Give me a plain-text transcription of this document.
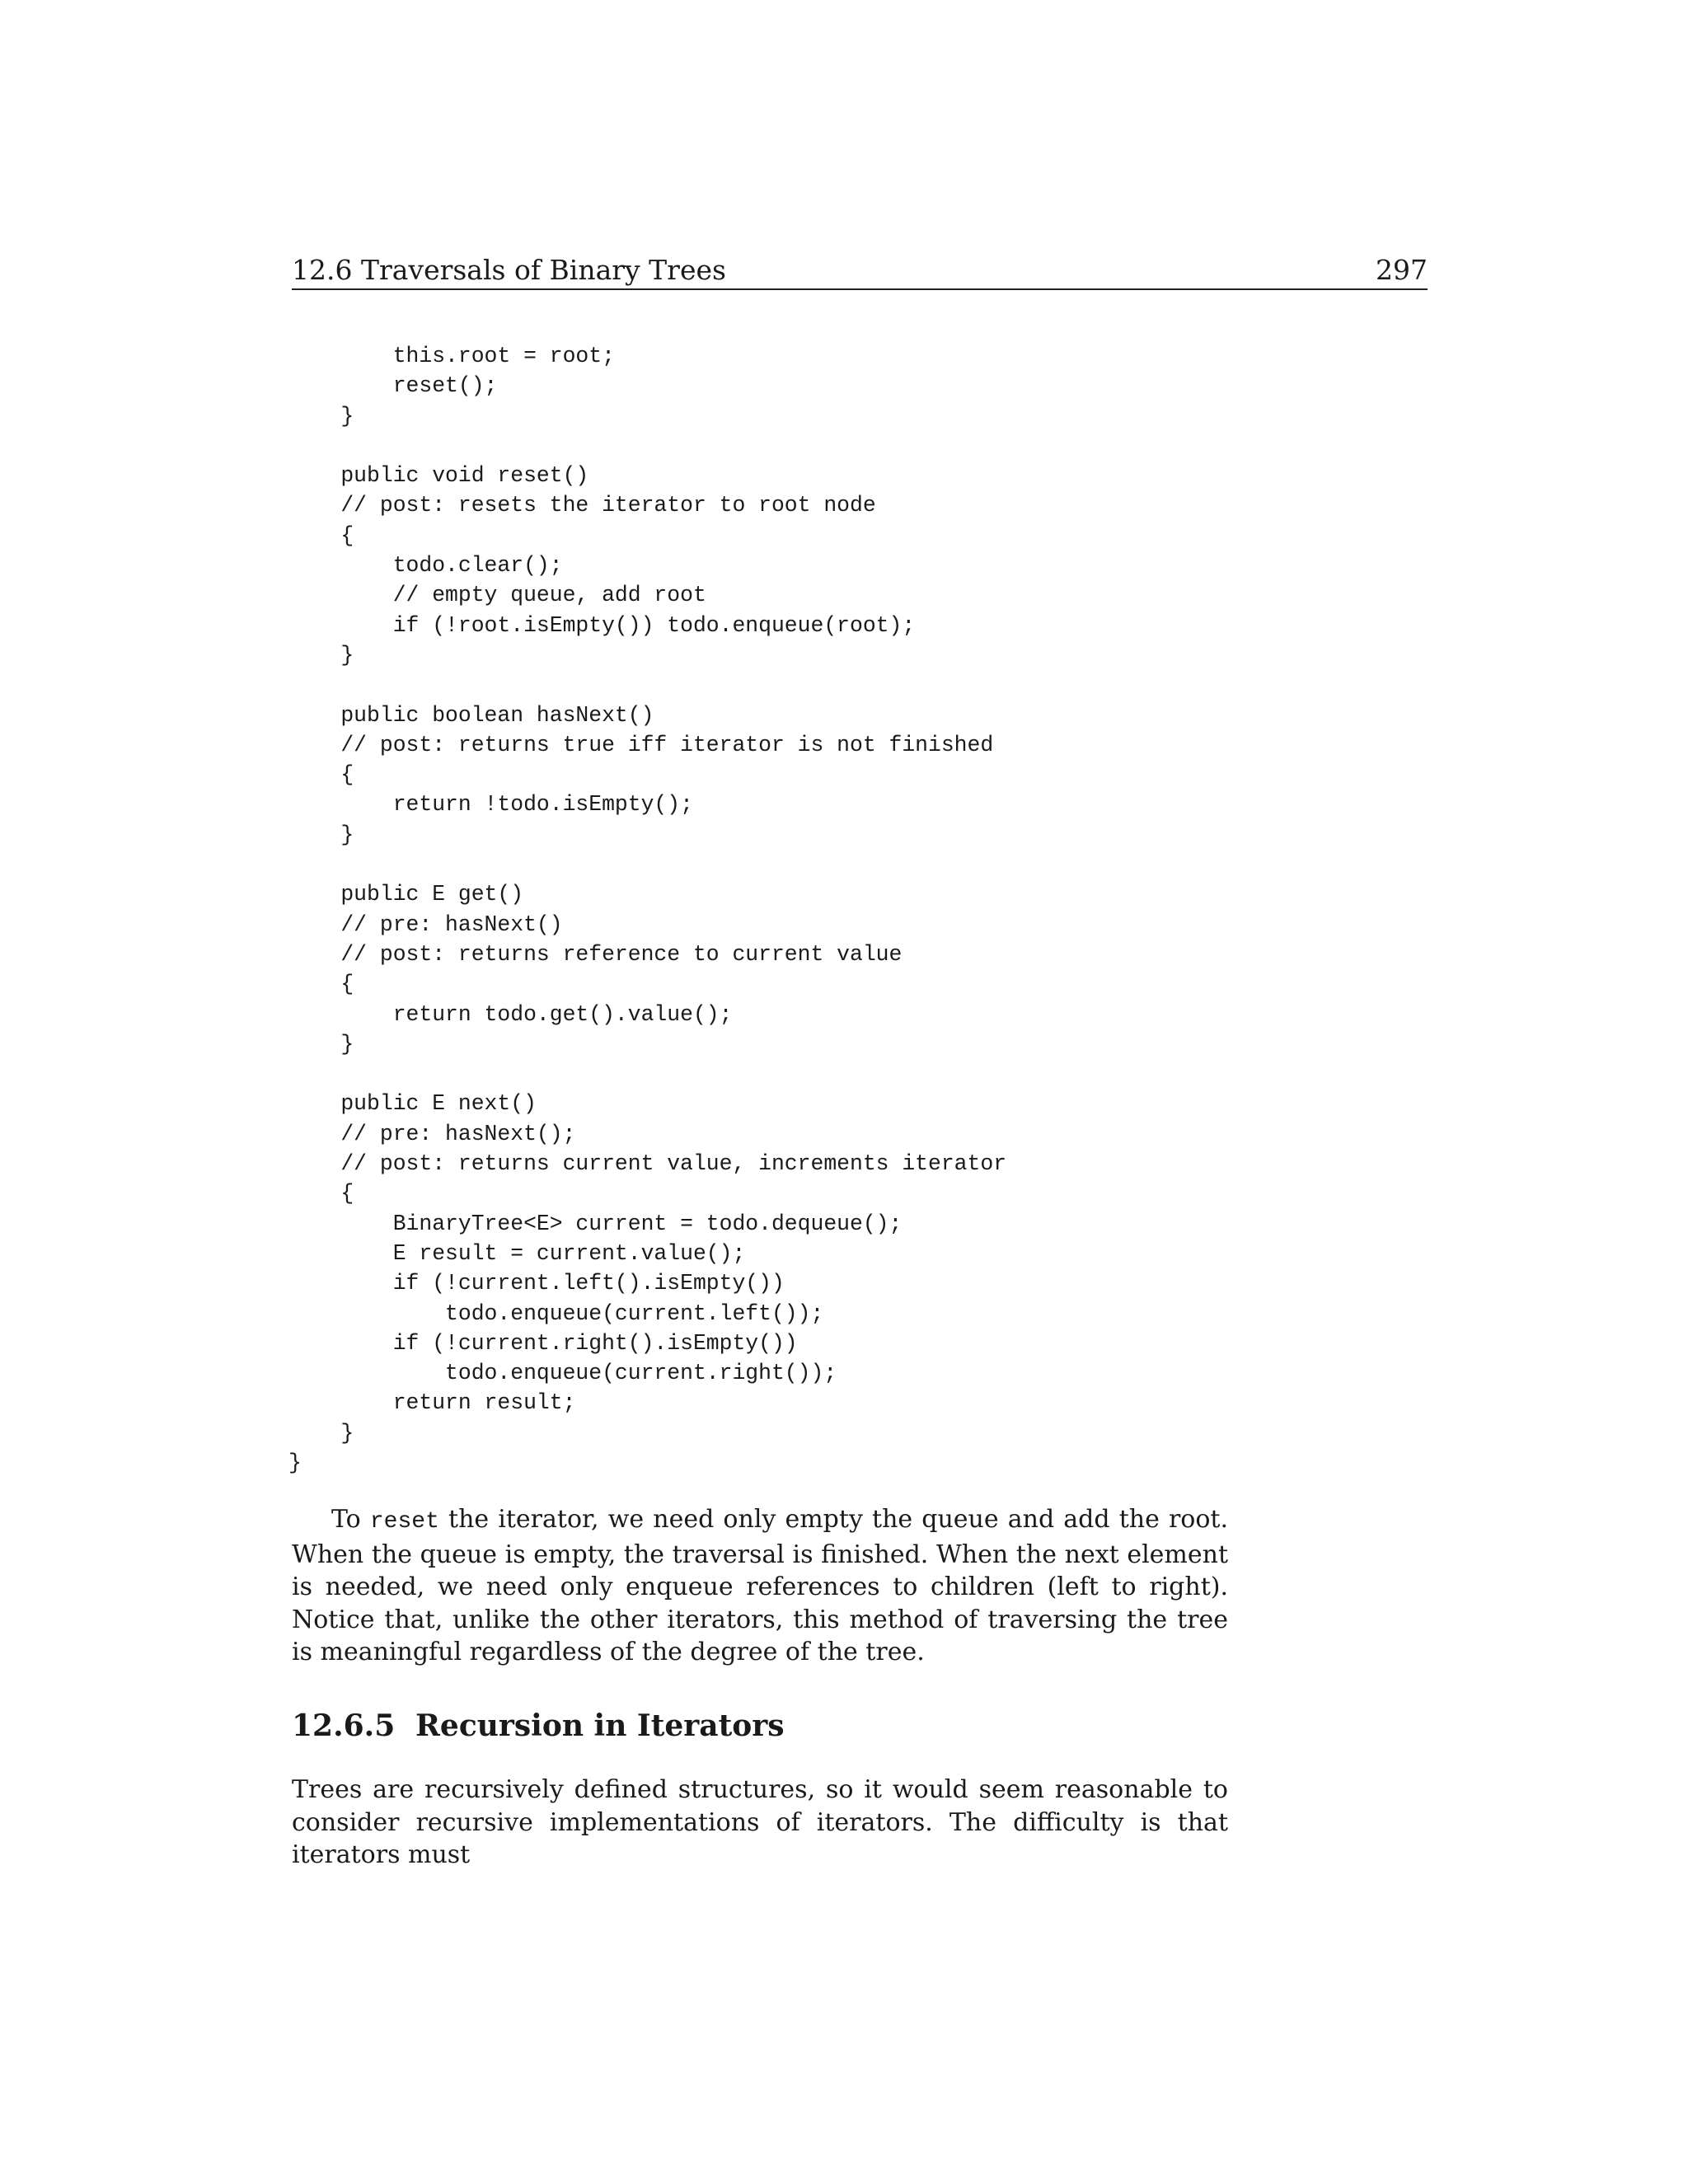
12.6 Traversals of Binary Trees	297
this.root = root;
reset();
}
public void reset()
// post: resets the iterator to root node
{
todo.clear();
// empty queue, add root
if (!root.isEmpty()) todo.enqueue(root);
}
public boolean hasNext()
// post: returns true iff iterator is not finished
{
return !todo.isEmpty();
}
public E get()
// pre: hasNext()
// post: returns reference to current value
{
return todo.get().value();
}
public E next()
// pre: hasNext();
// post: returns current value, increments iterator
{
BinaryTree<E> current = todo.dequeue();
E result = current.value();
if (!current.left().isEmpty())
todo.enqueue(current.left());
if (!current.right().isEmpty())
todo.enqueue(current.right());
return result;
}
}

To reset the iterator, we need only empty the queue and add the root. When the queue is empty, the traversal is finished. When the next element is needed, we need only enqueue references to children (left to right). Notice that, unlike the other iterators, this method of traversing the tree is meaningful regardless of the degree of the tree.

12.6.5 Recursion in Iterators

Trees are recursively defined structures, so it would seem reasonable to consider recursive implementations of iterators. The difficulty is that iterators must
